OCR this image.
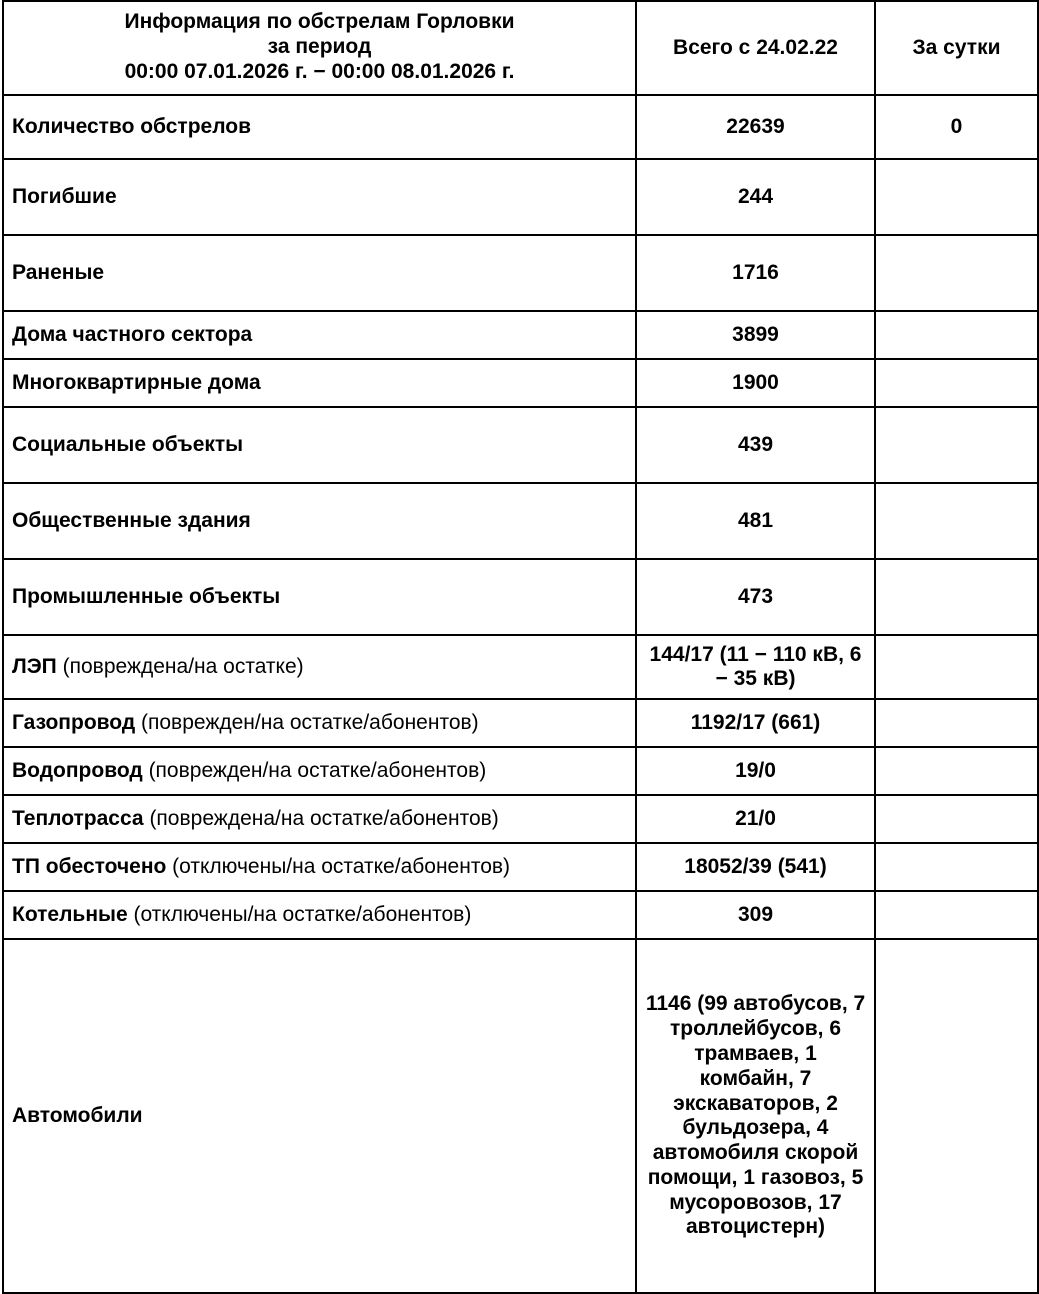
Информация по обстрелам Горловки
за период
00:00 07.01.2026 г. − 00:00 08.01.2026 г.	Всего с 24.02.22	За сутки
Количество обстрелов	22639	0
Погибшие	244	
Раненые	1716	
Дома частного сектора	3899	
Многоквартирные дома	1900	
Социальные объекты	439	
Общественные здания	481	
Промышленные объекты	473	
ЛЭП (повреждена/на остатке)	144/17 (11 − 110 кВ, 6 − 35 кВ)	
Газопровод (поврежден/на остатке/абонентов)	1192/17 (661)	
Водопровод (поврежден/на остатке/абонентов)	19/0	
Теплотрасса (повреждена/на остатке/абонентов)	21/0	
ТП обесточено (отключены/на остатке/абонентов)	18052/39 (541)	
Котельные (отключены/на остатке/абонентов)	309	
Автомобили	1146 (99 автобусов, 7 троллейбусов, 6 трамваев, 1 комбайн, 7 экскаваторов, 2 бульдозера, 4 автомобиля скорой помощи, 1 газовоз, 5 мусоровозов, 17 автоцистерн)	
